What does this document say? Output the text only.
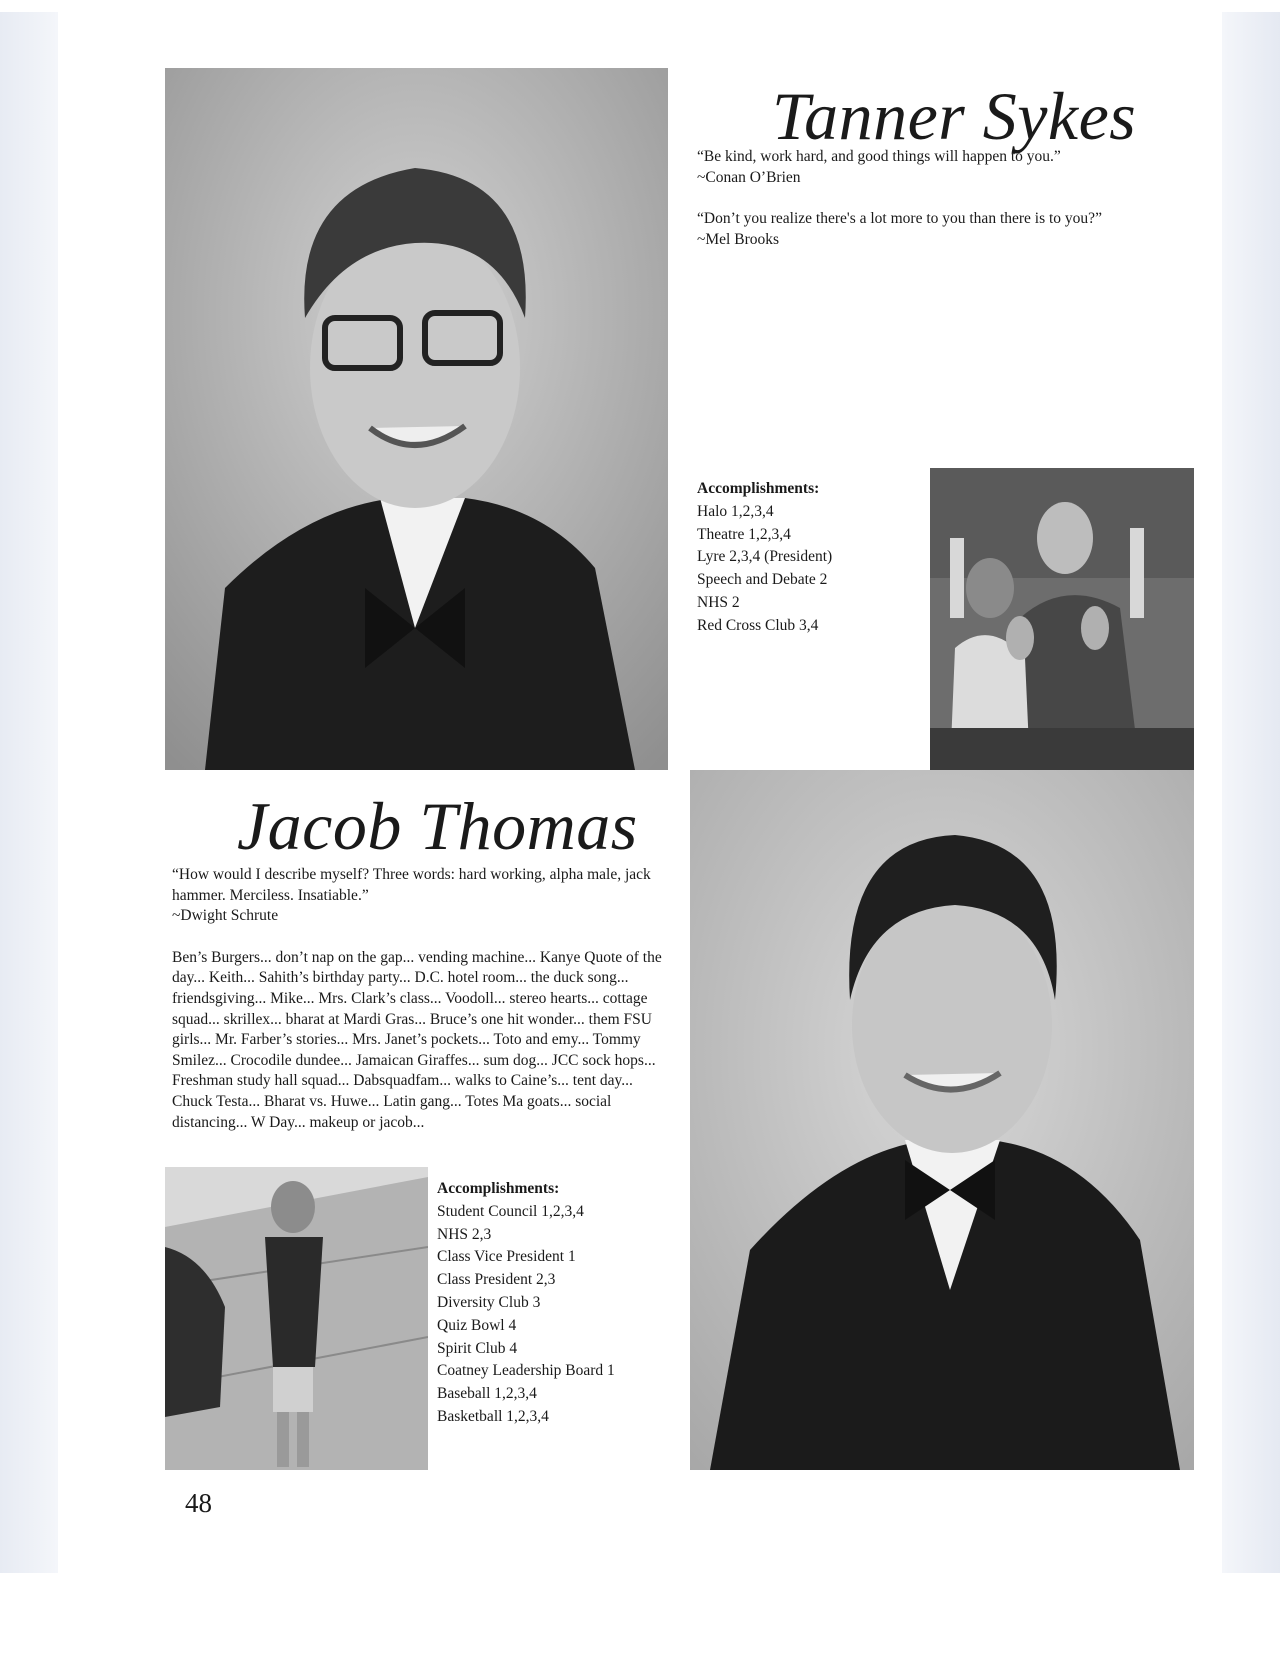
Tanner Sykes

“Be kind, work hard, and good things will happen to you.”

~Conan O’Brien

“Don’t you realize there's a lot more to you than there is to you?”

~Mel Brooks

Accomplishments:
Halo 1,2,3,4
Theatre 1,2,3,4
Lyre 2,3,4 (President)
Speech and Debate 2
NHS 2
Red Cross Club 3,4
Jacob Thomas

“How would I describe myself? Three words: hard working, alpha male, jack hammer. Merciless. Insatiable.”

~Dwight Schrute

Ben’s Burgers... don’t nap on the gap... vending machine... Kanye Quote of the day... Keith... Sahith’s birthday party... D.C. hotel room... the duck song... friendsgiving... Mike... Mrs. Clark’s class... Voodoll... stereo hearts... cottage squad... skrillex... bharat at Mardi Gras... Bruce’s one hit wonder... them FSU girls... Mr. Farber’s stories... Mrs. Janet’s pockets... Toto and emy... Tommy Smilez... Crocodile dundee... Jamaican Giraffes... sum dog... JCC sock hops... Freshman study hall squad... Dabsquadfam... walks to Caine’s... tent day... Chuck Testa... Bharat vs. Huwe... Latin gang... Totes Ma goats... social distancing... W Day... makeup or jacob...

Accomplishments:
Student Council 1,2,3,4
NHS 2,3
Class Vice President 1
Class President 2,3
Diversity Club 3
Quiz Bowl 4
Spirit Club 4
Coatney Leadership Board 1
Baseball 1,2,3,4
Basketball 1,2,3,4
48
